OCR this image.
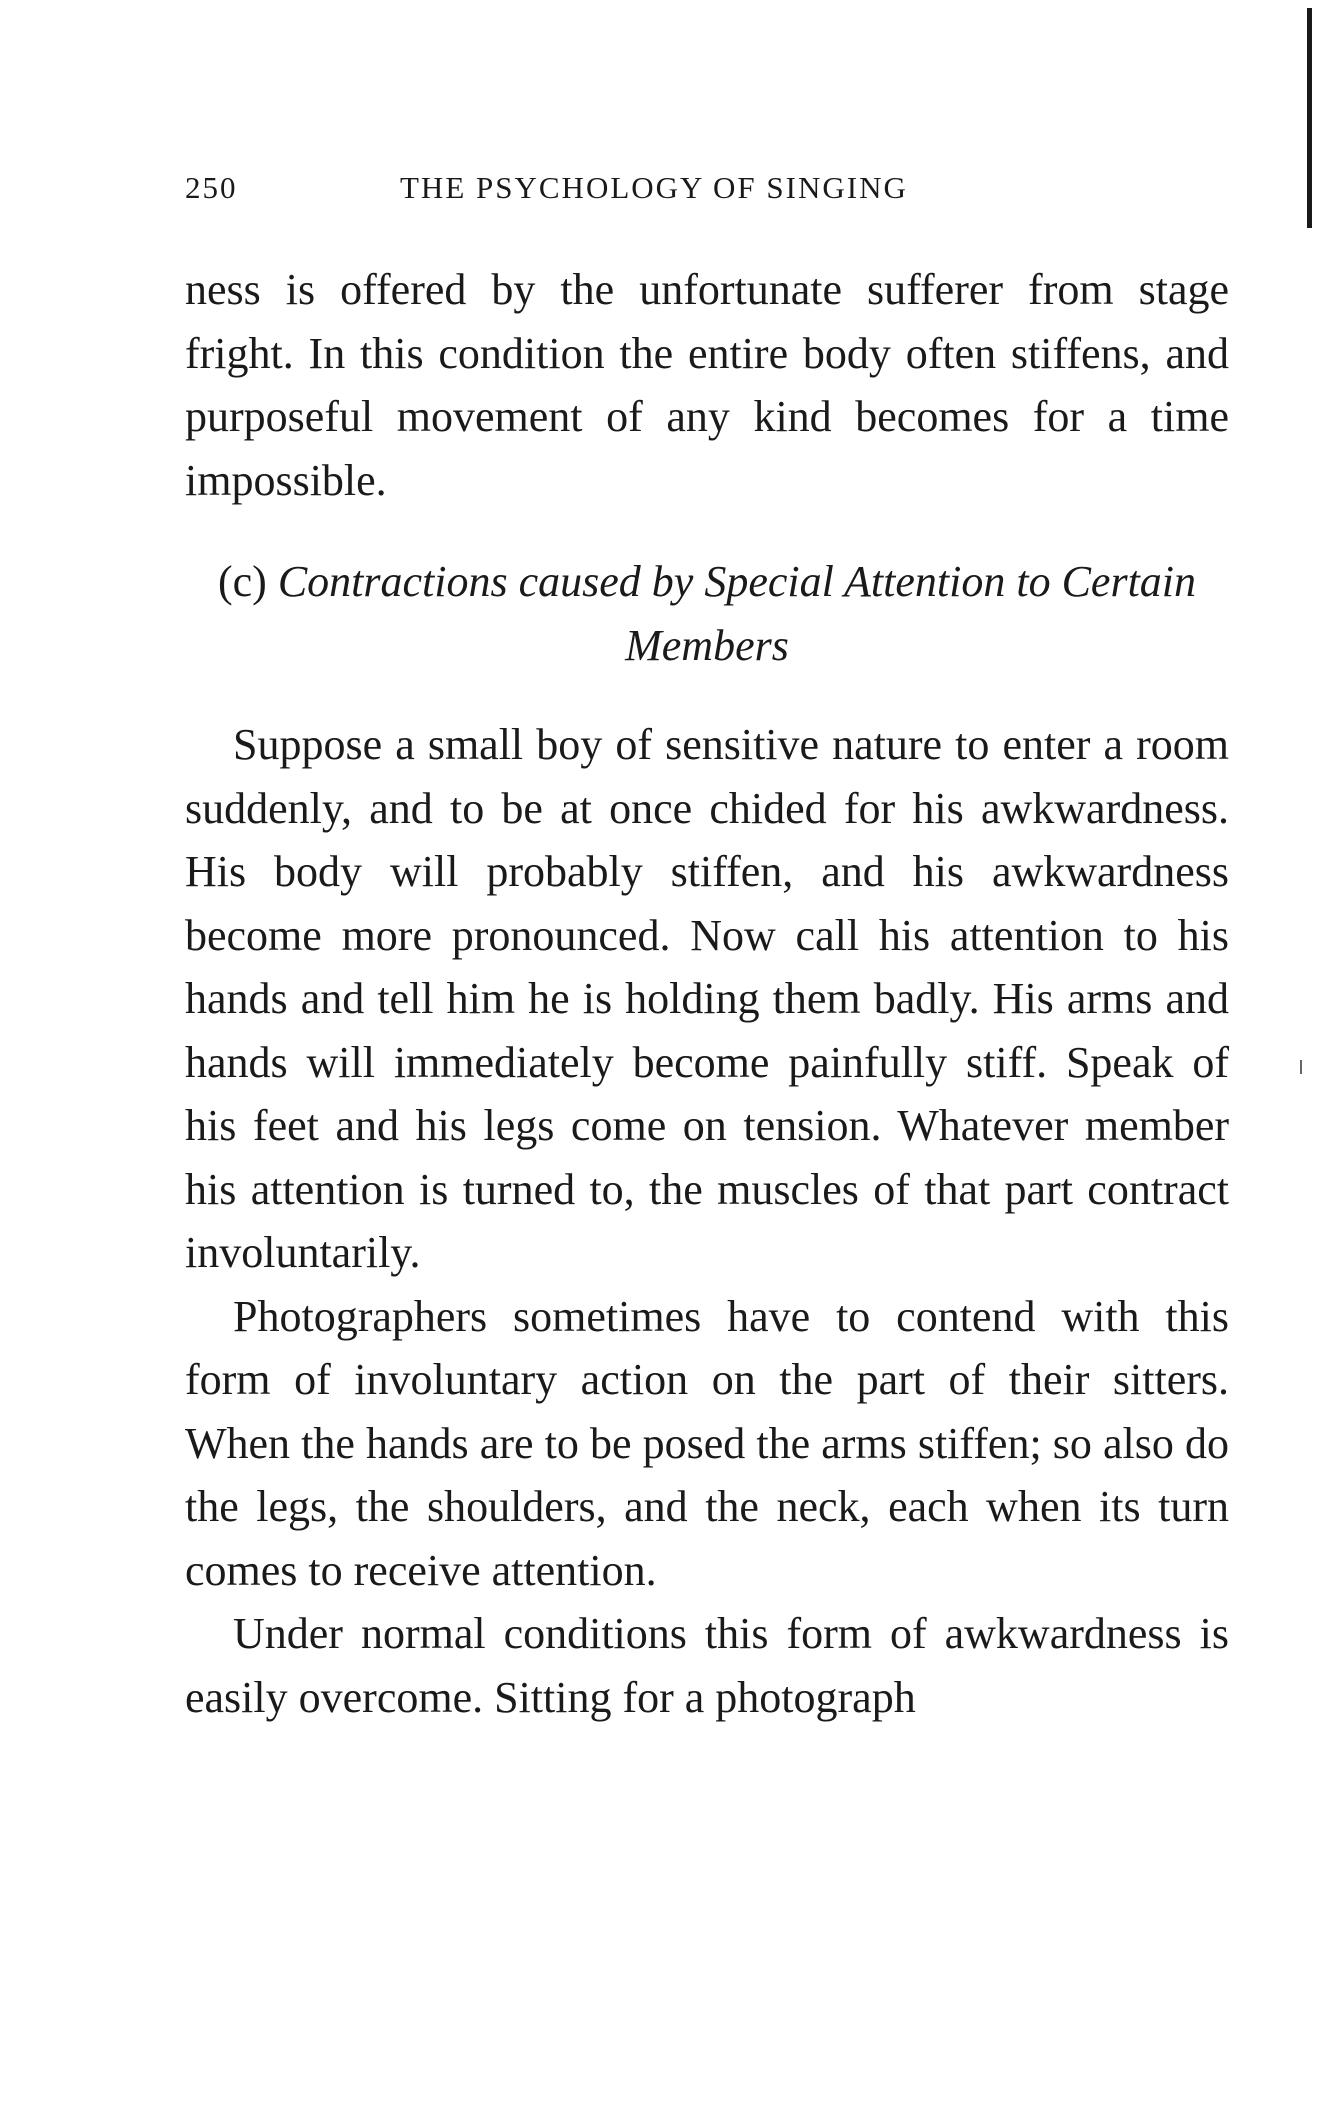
250	THE PSYCHOLOGY OF SINGING

ness is offered by the unfortunate sufferer from stage fright. In this condition the entire body often stiffens, and purposeful movement of any kind becomes for a time impossible.

(c) Contractions caused by Special Attention to Certain Members

Suppose a small boy of sensitive nature to enter a room suddenly, and to be at once chided for his awkwardness. His body will probably stiffen, and his awkwardness become more pronounced. Now call his attention to his hands and tell him he is holding them badly. His arms and hands will immediately become painfully stiff. Speak of his feet and his legs come on tension. Whatever member his attention is turned to, the muscles of that part contract involuntarily.

Photographers sometimes have to contend with this form of involuntary action on the part of their sitters. When the hands are to be posed the arms stiffen; so also do the legs, the shoulders, and the neck, each when its turn comes to receive attention.

Under normal conditions this form of awkwardness is easily overcome. Sitting for a photograph
